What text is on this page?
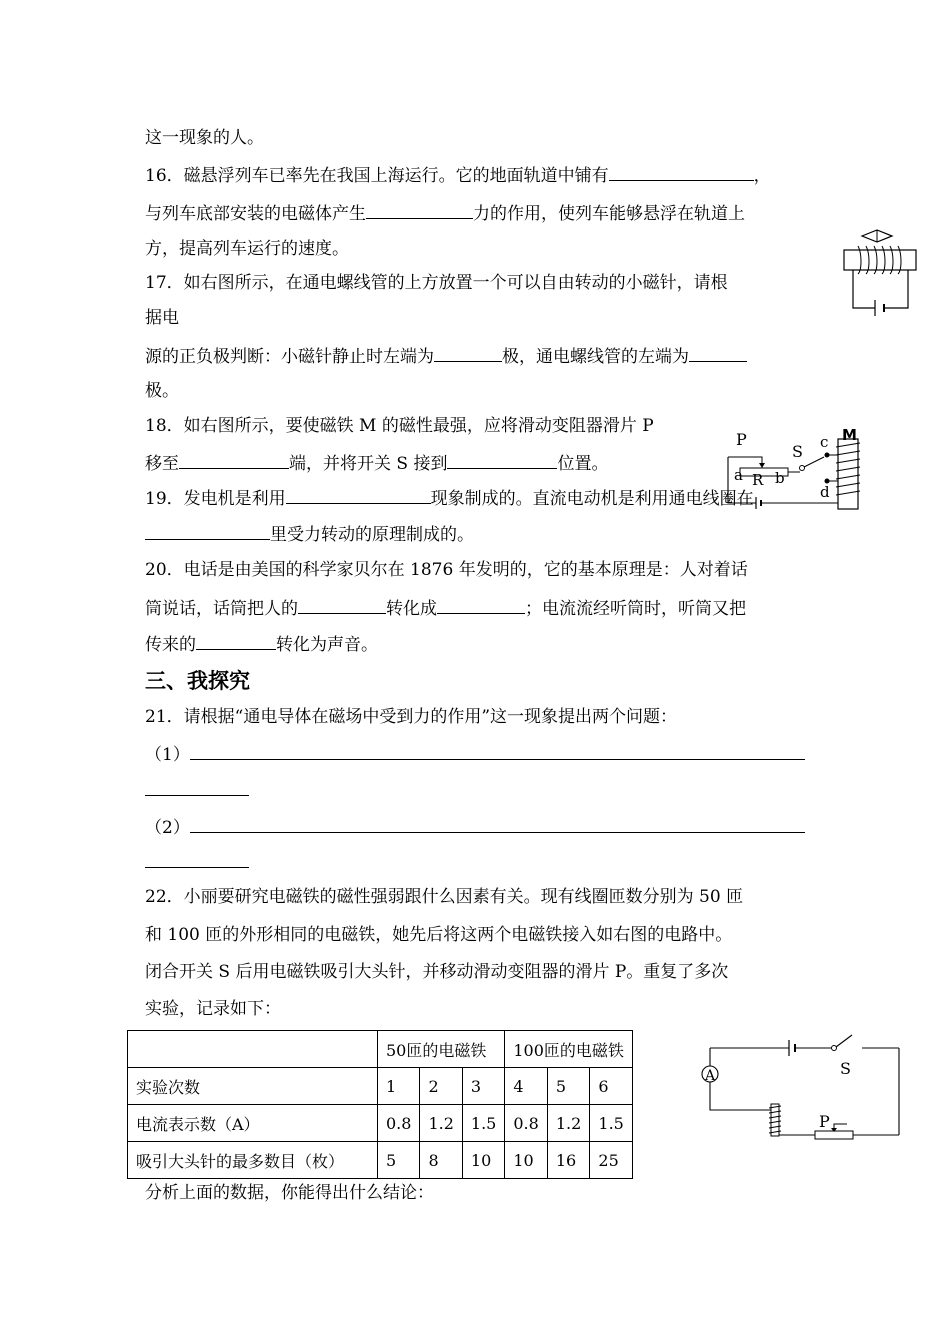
这一现象的人。
16．磁悬浮列车已率先在我国上海运行。它的地面轨道中铺有	，
与列车底部安装的电磁体产生	力的作用，使列车能够悬浮在轨道上
方，提高列车运行的速度。
17．如右图所示，在通电螺线管的上方放置一个可以自由转动的小磁针，请根
据电
源的正负极判断：小磁针静止时左端为	极，通电螺线管的左端为
极。
18．如右图所示，要使磁铁 M 的磁性最强，应将滑动变阻器滑片 P
移至	端，并将开关 S 接到	位置。
19．发电机是利用	现象制成的。直流电动机是利用通电线圈在
里受力转动的原理制成的。
20．电话是由美国的科学家贝尔在 1876 年发明的，它的基本原理是：人对着话
筒说话，话筒把人的	转化成	；电流流经听筒时，听筒又把
传来的	转化为声音。
三、我探究
21．请根据“通电导体在磁场中受到力的作用”这一现象提出两个问题：
（1）
（2）
22．小丽要研究电磁铁的磁性强弱跟什么因素有关。现有线圈匝数分别为 50 匝
和 100 匝的外形相同的电磁铁，她先后将这两个电磁铁接入如右图的电路中。
闭合开关 S 后用电磁铁吸引大头针，并移动滑动变阻器的滑片 P。重复了多次
实验，记录如下：
	50匝的电磁铁			100匝的电磁铁		
实验次数	1	2	3	4	5	6
电流表示数（A）	0.8	1.2	1.5	0.8	1.2	1.5
吸引大头针的最多数目（枚）	5	8	10	10	16	25
分析上面的数据，你能得出什么结论：
P
S c M
a R b
d
A	S
P
